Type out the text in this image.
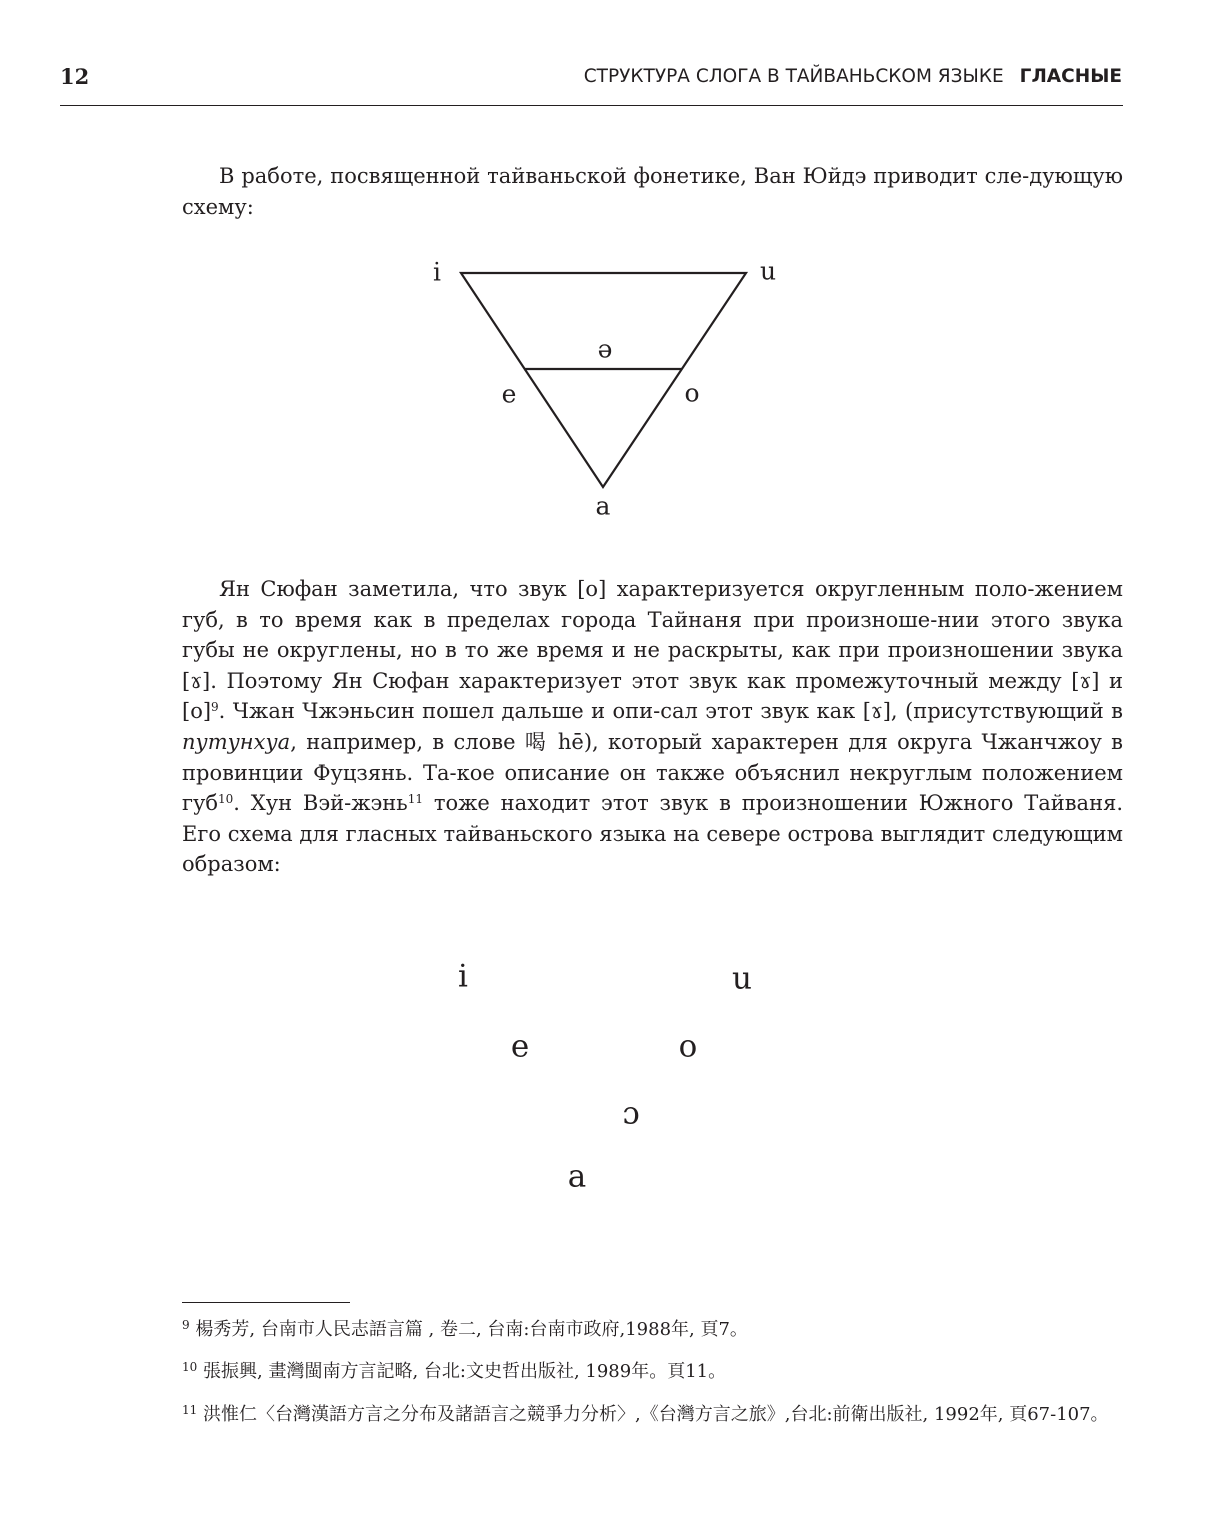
12	СТРУКТУРА СЛОГА В ТАЙВАНЬСКОМ ЯЗЫКЕ ГЛАСНЫЕ

В работе, посвященной тайваньской фонетике, Ван Юйдэ приводит сле-дующую схему:

i	u
ə
e	o
a

Ян Сюфан заметила, что звук [o] характеризуется округленным поло-жением губ, в то время как в пределах города Тайнаня при произноше-нии этого звука губы не округлены, но в то же время и не раскрыты, как при произношении звука [ɤ]. Поэтому Ян Сюфан характеризует этот звук как промежуточный между [ɤ] и $[o]^9$. Чжан Чжэньсин пошел дальше и опи-сал этот звук как [ɤ], (присутствующий в путунхуа, например, в слове 喝 hē), который характерен для округа Чжанчжоу в провинции Фуцзянь. Та-кое описание он также объяснил некруглым положением губ$^{10}$. Хун Вэй-жэнь$^{11}$ тоже находит этот звук в произношении Южного Тайваня. Его схема для гласных тайваньского языка на севере острова выглядит следующим образом:

i	u
e	o
ɔ
a
$^9$ 楊秀芳, 台南市人民志語言篇 , 卷二, 台南:台南市政府,1988年, 頁7。
$^{10}$ 張振興, 畫灣閩南方言記略, 台北:文史哲出版社, 1989年。頁11。
$^{11}$ 洪惟仁〈台灣漢語方言之分布及諸語言之競爭力分析〉,《台灣方言之旅》,台北:前衛出版社, 1992年, 頁67-107。
